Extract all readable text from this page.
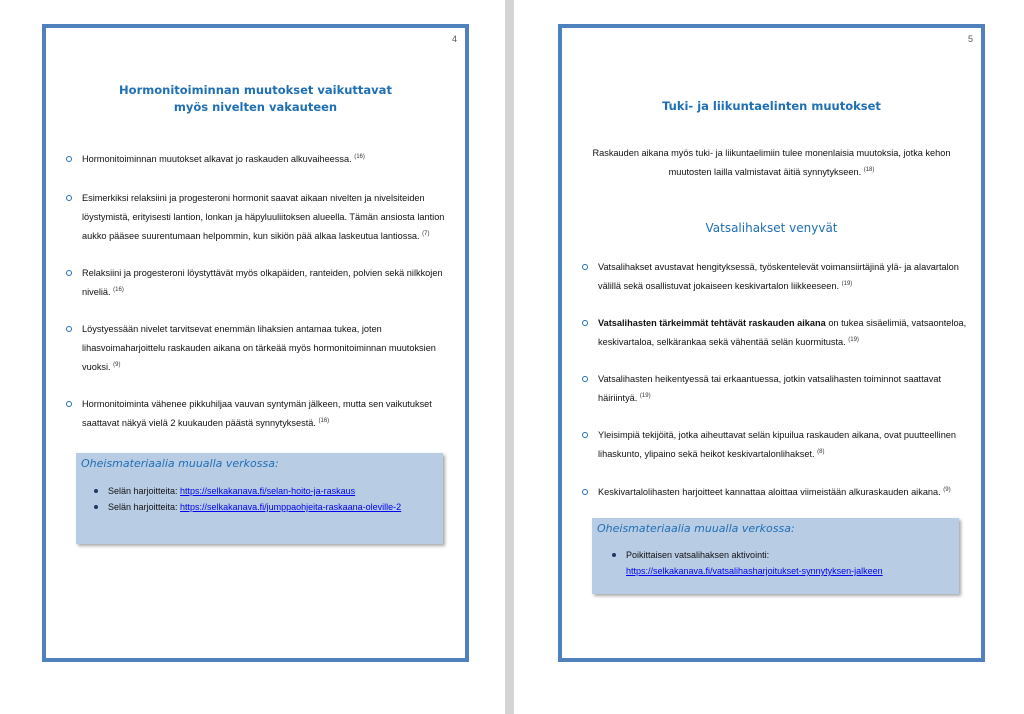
4
Hormonitoiminnan muutokset vaikuttavat
myös nivelten vakauteen
Hormonitoiminnan muutokset alkavat jo raskauden alkuvaiheessa. $^{(16)}$
Esimerkiksi relaksiini ja progesteroni hormonit saavat aikaan nivelten ja nivelsiteiden löystymistä, erityisesti lantion, lonkan ja häpyluuliitoksen alueella. Tämän ansiosta lantion aukko pääsee suurentumaan helpommin, kun sikiön pää alkaa laskeutua lantiossa. $^{(7)}$
Relaksiini ja progesteroni löystyttävät myös olkapäiden, ranteiden, polvien sekä nilkkojen niveliä. $^{(16)}$
Löystyessään nivelet tarvitsevat enemmän lihaksien antamaa tukea, joten lihasvoimaharjoittelu raskauden aikana on tärkeää myös hormonitoiminnan muutoksien vuoksi. $^{(9)}$
Hormonitoiminta vähenee pikkuhiljaa vauvan syntymän jälkeen, mutta sen vaikutukset saattavat näkyä vielä 2 kuukauden päästä synnytyksestä. $^{(16)}$
Oheismateriaalia muualla verkossa:
Selän harjoitteita: https://selkakanava.fi/selan-hoito-ja-raskaus
Selän harjoitteita: https://selkakanava.fi/jumppaohjeita-raskaana-oleville-2
5
Tuki- ja liikuntaelinten muutokset
Raskauden aikana myös tuki- ja liikuntaelimiin tulee monenlaisia muutoksia, jotka kehon
muutosten lailla valmistavat äitiä synnytykseen. $^{(18)}$
Vatsalihakset venyvät
Vatsalihakset avustavat hengityksessä, työskentelevät voimansiirtäjinä ylä- ja alavartalon välillä sekä osallistuvat jokaiseen keskivartalon liikkeeseen. $^{(19)}$
Vatsalihasten tärkeimmät tehtävät raskauden aikana on tukea sisäelimiä, vatsaonteloa, keskivartaloa, selkärankaa sekä vähentää selän kuormitusta. $^{(19)}$
Vatsalihasten heikentyessä tai erkaantuessa, jotkin vatsalihasten toiminnot saattavat häiriintyä. $^{(19)}$
Yleisimpiä tekijöitä, jotka aiheuttavat selän kipuilua raskauden aikana, ovat puutteellinen lihaskunto, ylipaino sekä heikot keskivartalonlihakset. $^{(8)}$
Keskivartalolihasten harjoitteet kannattaa aloittaa viimeistään alkuraskauden aikana. $^{(9)}$
Oheismateriaalia muualla verkossa:
Poikittaisen vatsalihaksen aktivointi:
https://selkakanava.fi/vatsalihasharjoitukset-synnytyksen-jalkeen
